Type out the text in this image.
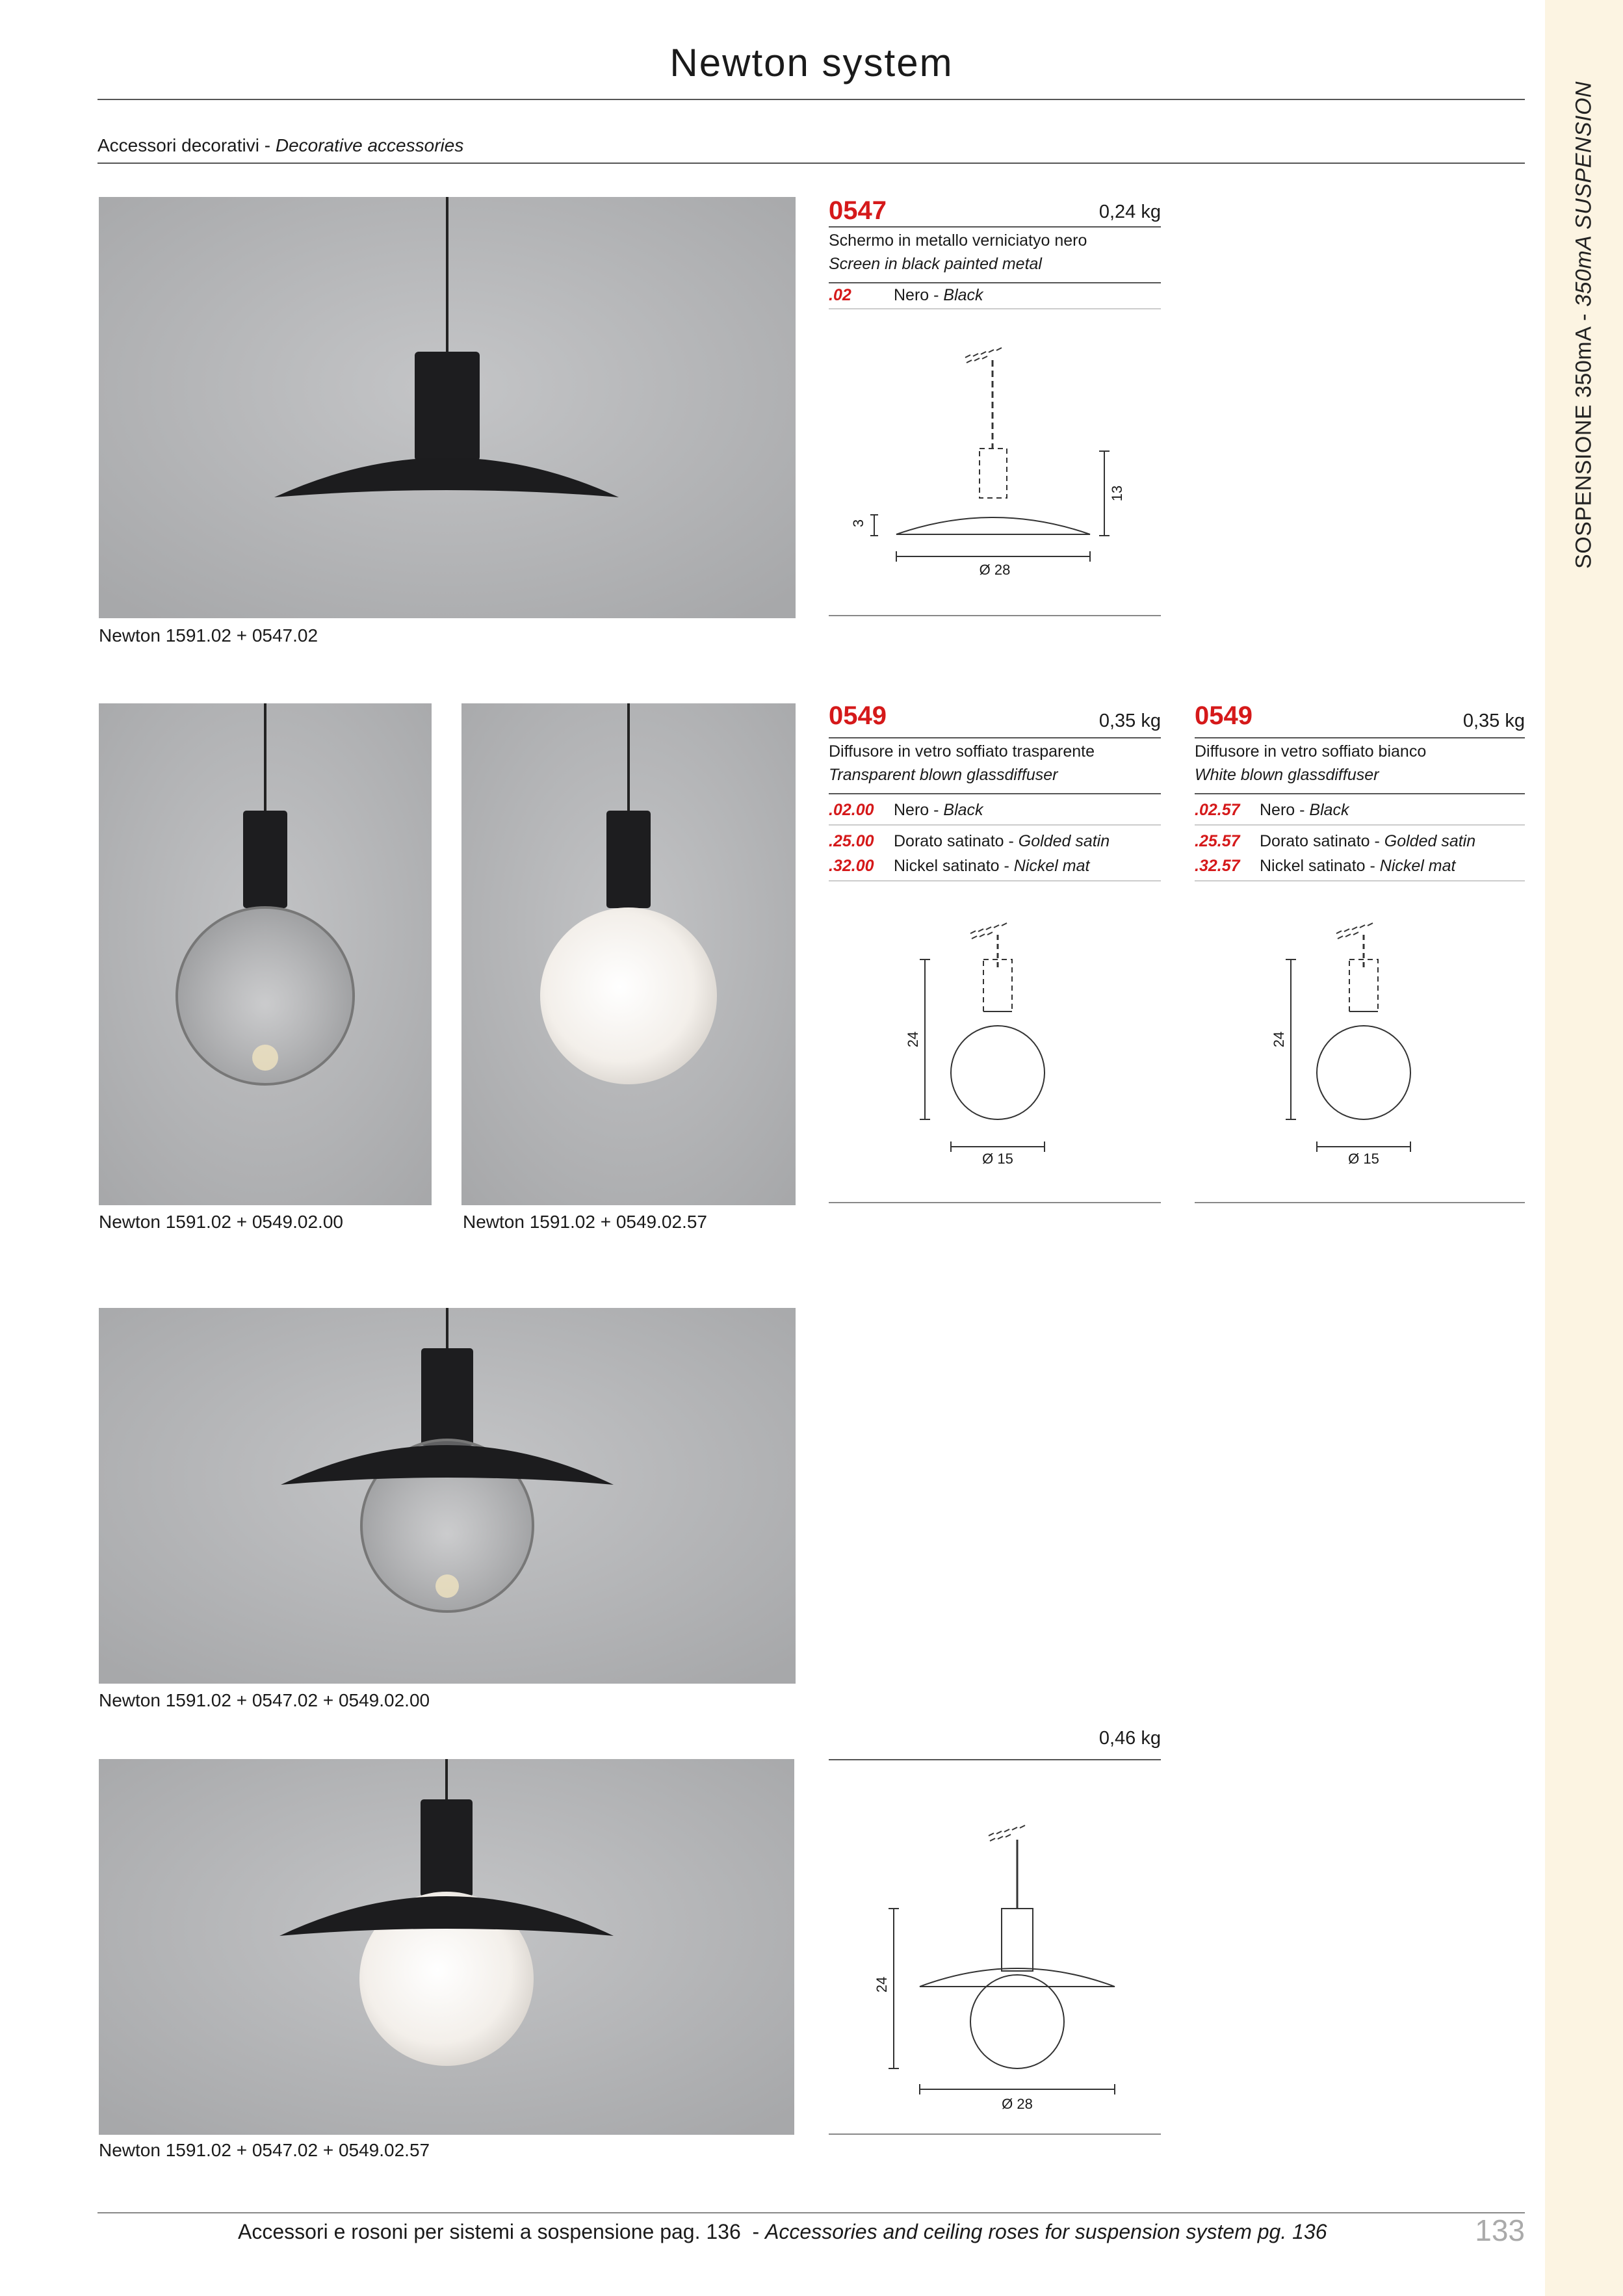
SOSPENSIONE 350mA - 350mA SUSPENSION
Newton system
Accessori decorativi - Decorative accessories
Newton 1591.02 + 0547.02
0547	0,24 kg
Schermo in metallo verniciatyo nero
Screen in black painted metal
.02	Nero - Black
13
3
Ø 28
Newton 1591.02 + 0549.02.00	Newton 1591.02 + 0549.02.57
0549	0,35 kg
Diffusore in vetro soffiato trasparente
Transparent blown glassdiffuser
.02.00 Nero - Black
.25.00 Dorato satinato - Golded satin
.32.00 Nickel satinato - Nickel mat
24
Ø 15
0549	0,35 kg
Diffusore in vetro soffiato bianco
White blown glassdiffuser
.02.57 Nero - Black
.25.57 Dorato satinato - Golded satin
.32.57 Nickel satinato - Nickel mat
24
Ø 15
Newton 1591.02 + 0547.02 + 0549.02.00
Newton 1591.02 + 0547.02 + 0549.02.57
0,46 kg
24
Ø 28
Accessori e rosoni per sistemi a sospensione pag. 136  - Accessories and ceiling roses for suspension system pg. 136	133
